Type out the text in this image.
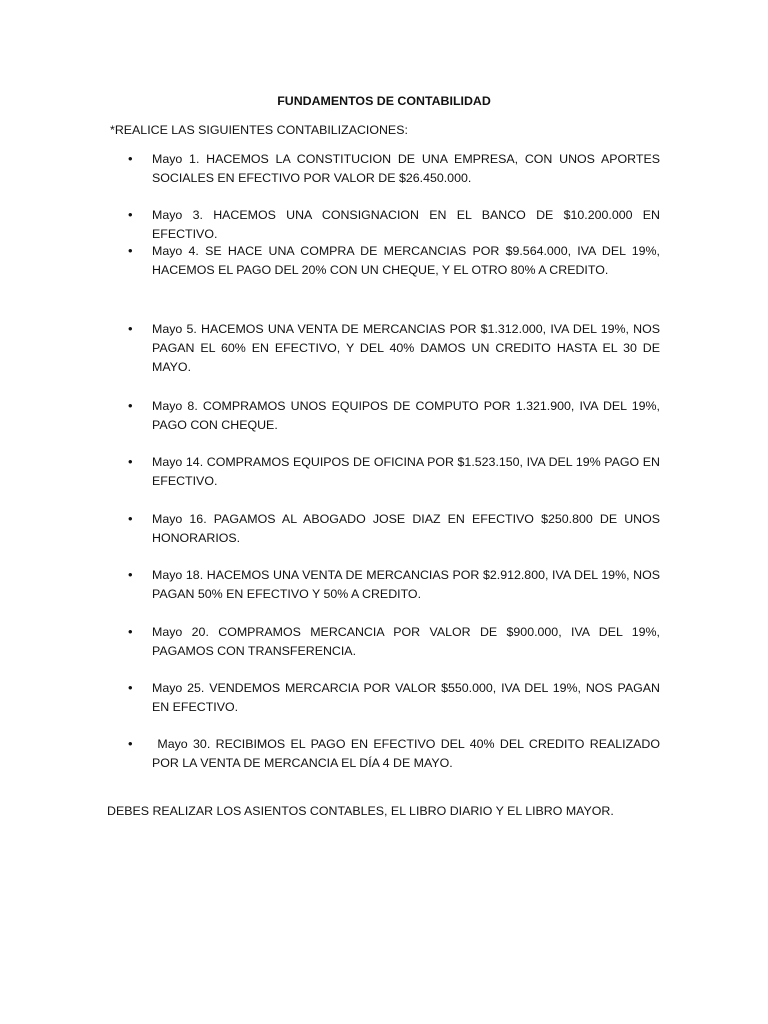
FUNDAMENTOS DE CONTABILIDAD
*REALICE LAS SIGUIENTES CONTABILIZACIONES:
• Mayo 1. HACEMOS LA CONSTITUCION DE UNA EMPRESA, CON UNOS APORTES SOCIALES EN EFECTIVO POR VALOR DE $26.450.000.
• Mayo 3. HACEMOS UNA CONSIGNACION EN EL BANCO DE $10.200.000 EN EFECTIVO.
• Mayo 4. SE HACE UNA COMPRA DE MERCANCIAS POR $9.564.000, IVA DEL 19%, HACEMOS EL PAGO DEL 20% CON UN CHEQUE, Y EL OTRO 80% A CREDITO.
• Mayo 5. HACEMOS UNA VENTA DE MERCANCIAS POR $1.312.000, IVA DEL 19%, NOS PAGAN EL 60% EN EFECTIVO, Y DEL 40% DAMOS UN CREDITO HASTA EL 30 DE MAYO.
• Mayo 8. COMPRAMOS UNOS EQUIPOS DE COMPUTO POR 1.321.900, IVA DEL 19%, PAGO CON CHEQUE.
• Mayo 14. COMPRAMOS EQUIPOS DE OFICINA POR $1.523.150, IVA DEL 19% PAGO EN EFECTIVO.
• Mayo 16. PAGAMOS AL ABOGADO JOSE DIAZ EN EFECTIVO $250.800 DE UNOS HONORARIOS.
• Mayo 18. HACEMOS UNA VENTA DE MERCANCIAS POR $2.912.800, IVA DEL 19%, NOS PAGAN 50% EN EFECTIVO Y 50% A CREDITO.
• Mayo 20. COMPRAMOS MERCANCIA POR VALOR DE $900.000, IVA DEL 19%, PAGAMOS CON TRANSFERENCIA.
• Mayo 25. VENDEMOS MERCARCIA POR VALOR $550.000, IVA DEL 19%, NOS PAGAN EN EFECTIVO.
• Mayo 30. RECIBIMOS EL PAGO EN EFECTIVO DEL 40% DEL CREDITO REALIZADO POR LA VENTA DE MERCANCIA EL DÍA 4 DE MAYO.
DEBES REALIZAR LOS ASIENTOS CONTABLES, EL LIBRO DIARIO Y EL LIBRO MAYOR.
